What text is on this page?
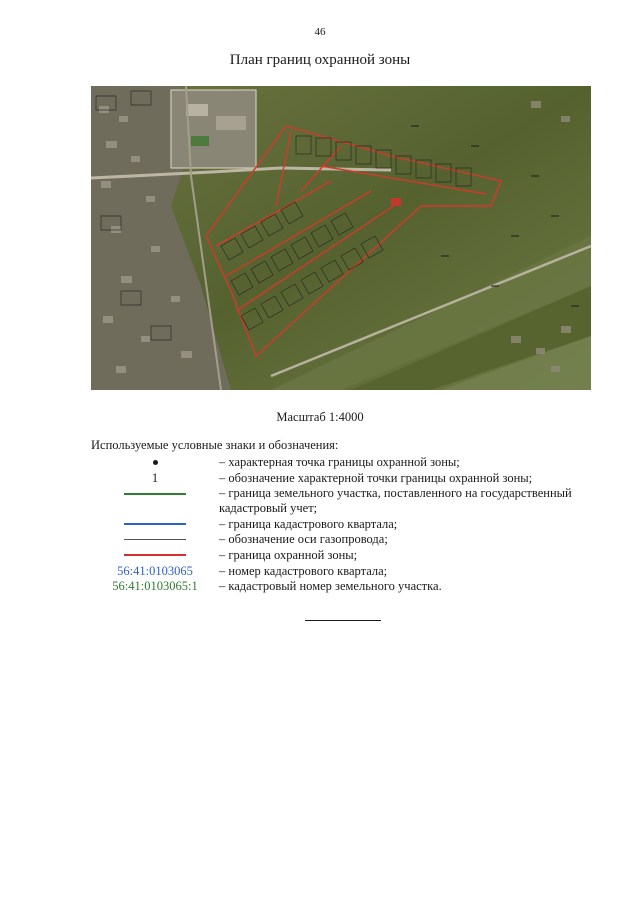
46
План границ охранной зоны
Масштаб 1:4000
Используемые условные знаки и обозначения:
– характерная точка границы охранной зоны;
1	– обозначение характерной точки границы охранной зоны;
– граница земельного участка, поставленного на государственный кадастровый учет;
– граница кадастрового квартала;
– обозначение оси газопровода;
– граница охранной зоны;
56:41:0103065 – номер кадастрового квартала;
56:41:0103065:1 – кадастровый номер земельного участка.
